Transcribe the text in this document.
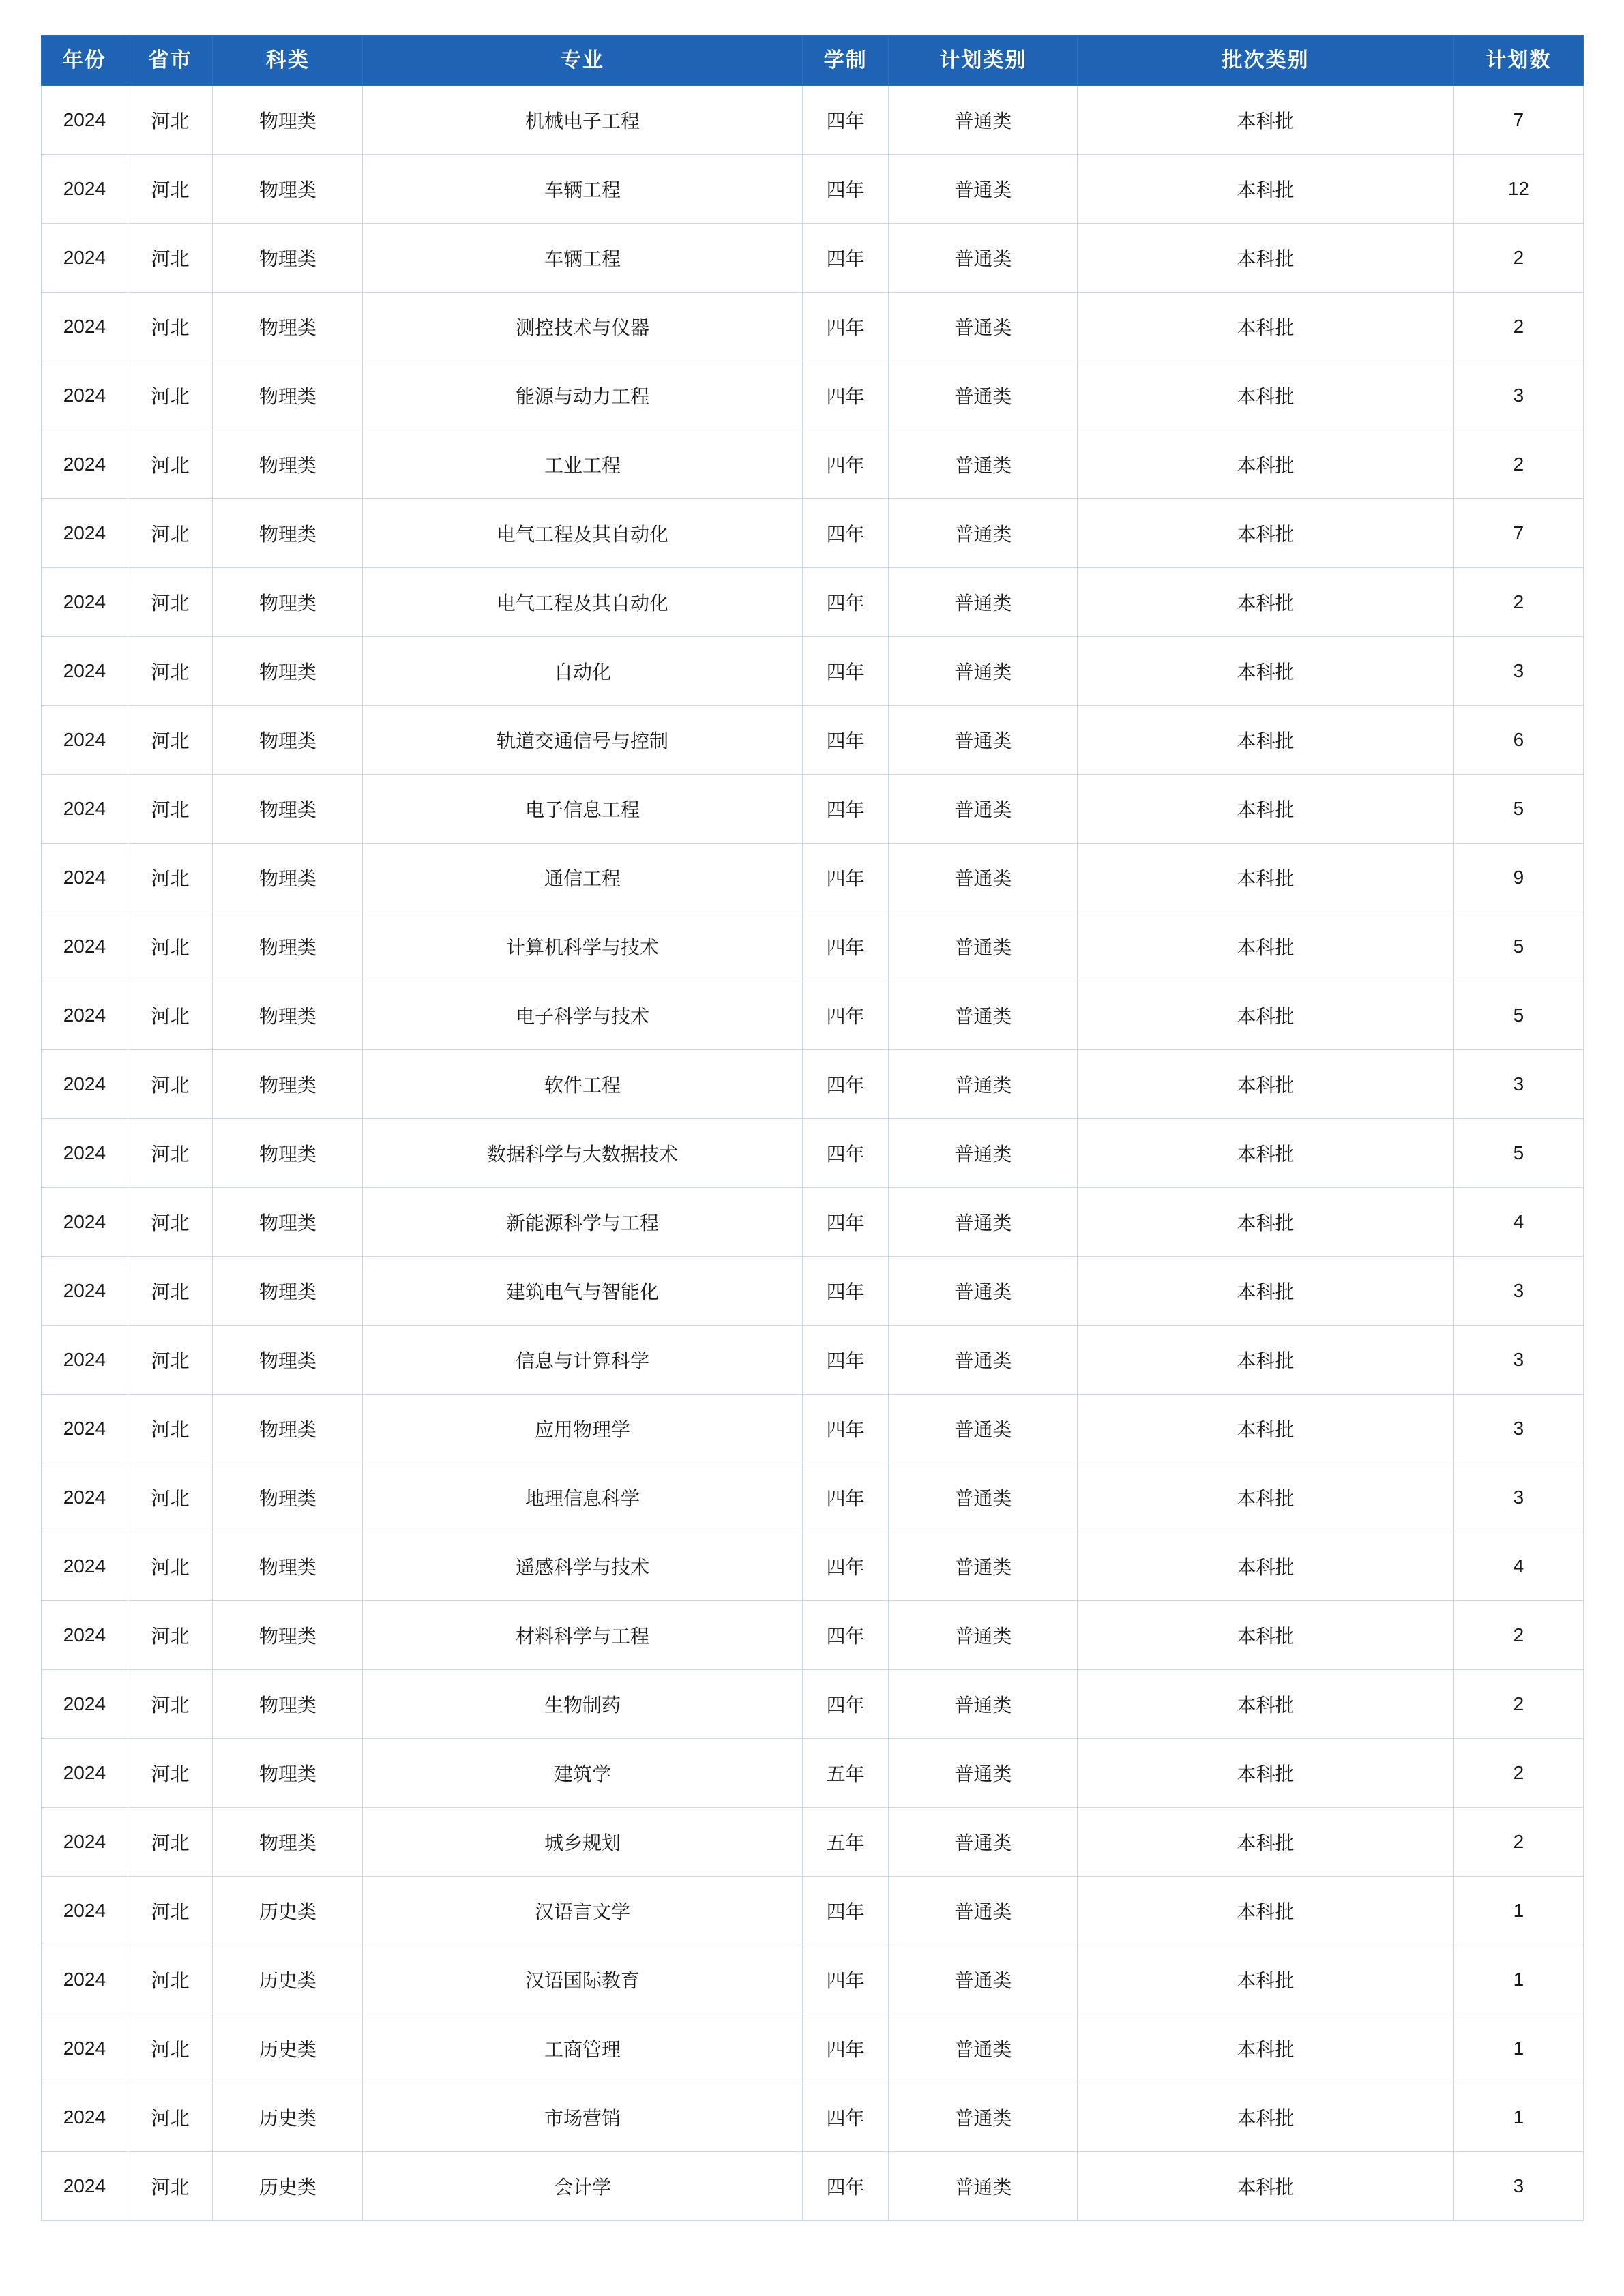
年份	省市	科类	专业	学制	计划类别	批次类别	计划数
2024	河北	物理类	机械电子工程	四年	普通类	本科批	7
2024	河北	物理类	车辆工程	四年	普通类	本科批	12
2024	河北	物理类	车辆工程	四年	普通类	本科批	2
2024	河北	物理类	测控技术与仪器	四年	普通类	本科批	2
2024	河北	物理类	能源与动力工程	四年	普通类	本科批	3
2024	河北	物理类	工业工程	四年	普通类	本科批	2
2024	河北	物理类	电气工程及其自动化	四年	普通类	本科批	7
2024	河北	物理类	电气工程及其自动化	四年	普通类	本科批	2
2024	河北	物理类	自动化	四年	普通类	本科批	3
2024	河北	物理类	轨道交通信号与控制	四年	普通类	本科批	6
2024	河北	物理类	电子信息工程	四年	普通类	本科批	5
2024	河北	物理类	通信工程	四年	普通类	本科批	9
2024	河北	物理类	计算机科学与技术	四年	普通类	本科批	5
2024	河北	物理类	电子科学与技术	四年	普通类	本科批	5
2024	河北	物理类	软件工程	四年	普通类	本科批	3
2024	河北	物理类	数据科学与大数据技术	四年	普通类	本科批	5
2024	河北	物理类	新能源科学与工程	四年	普通类	本科批	4
2024	河北	物理类	建筑电气与智能化	四年	普通类	本科批	3
2024	河北	物理类	信息与计算科学	四年	普通类	本科批	3
2024	河北	物理类	应用物理学	四年	普通类	本科批	3
2024	河北	物理类	地理信息科学	四年	普通类	本科批	3
2024	河北	物理类	遥感科学与技术	四年	普通类	本科批	4
2024	河北	物理类	材料科学与工程	四年	普通类	本科批	2
2024	河北	物理类	生物制药	四年	普通类	本科批	2
2024	河北	物理类	建筑学	五年	普通类	本科批	2
2024	河北	物理类	城乡规划	五年	普通类	本科批	2
2024	河北	历史类	汉语言文学	四年	普通类	本科批	1
2024	河北	历史类	汉语国际教育	四年	普通类	本科批	1
2024	河北	历史类	工商管理	四年	普通类	本科批	1
2024	河北	历史类	市场营销	四年	普通类	本科批	1
2024	河北	历史类	会计学	四年	普通类	本科批	3
